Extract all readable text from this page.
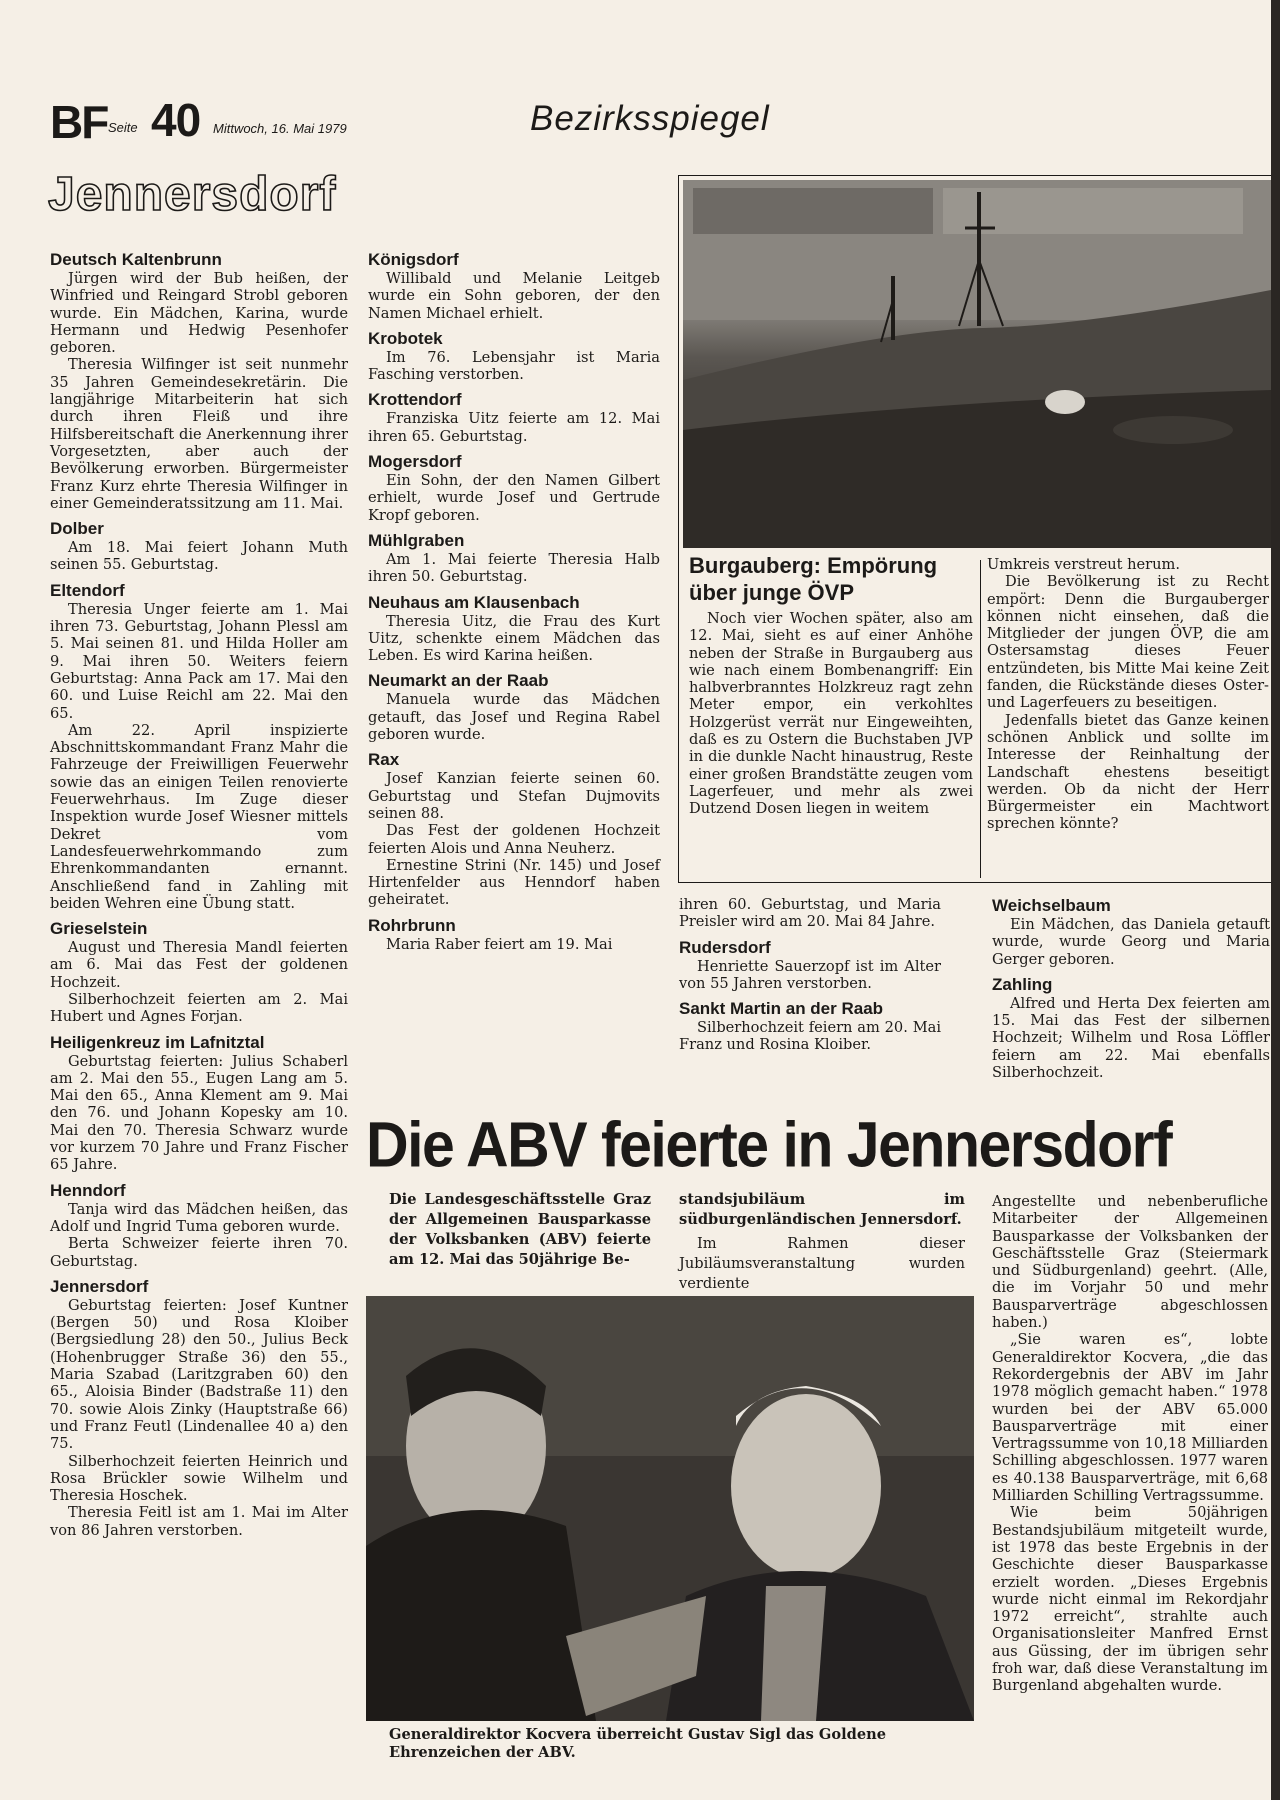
BF Seite 40 Mittwoch, 16. Mai 1979	Bezirksspiegel
Jennersdorf
Deutsch Kaltenbrunn

Jürgen wird der Bub heißen, der Winfried und Reingard Strobl geboren wurde. Ein Mädchen, Karina, wurde Hermann und Hedwig Pesenhofer geboren.

Theresia Wilfinger ist seit nunmehr 35 Jahren Gemeindesekretärin. Die langjährige Mitarbeiterin hat sich durch ihren Fleiß und ihre Hilfsbereitschaft die Anerkennung ihrer Vorgesetzten, aber auch der Bevölkerung erworben. Bürgermeister Franz Kurz ehrte Theresia Wilfinger in einer Gemeinderatssitzung am 11. Mai.

Dolber

Am 18. Mai feiert Johann Muth seinen 55. Geburtstag.

Eltendorf

Theresia Unger feierte am 1. Mai ihren 73. Geburtstag, Johann Plessl am 5. Mai seinen 81. und Hilda Holler am 9. Mai ihren 50. Weiters feiern Geburtstag: Anna Pack am 17. Mai den 60. und Luise Reichl am 22. Mai den 65.

Am 22. April inspizierte Abschnittskommandant Franz Mahr die Fahrzeuge der Freiwilligen Feuerwehr sowie das an einigen Teilen renovierte Feuerwehrhaus. Im Zuge dieser Inspektion wurde Josef Wiesner mittels Dekret vom Landesfeuerwehrkommando zum Ehrenkommandanten ernannt. Anschließend fand in Zahling mit beiden Wehren eine Übung statt.

Grieselstein

August und Theresia Mandl feierten am 6. Mai das Fest der goldenen Hochzeit.

Silberhochzeit feierten am 2. Mai Hubert und Agnes Forjan.

Heiligenkreuz im Lafnitztal

Geburtstag feierten: Julius Schaberl am 2. Mai den 55., Eugen Lang am 5. Mai den 65., Anna Klement am 9. Mai den 76. und Johann Kopesky am 10. Mai den 70. Theresia Schwarz wurde vor kurzem 70 Jahre und Franz Fischer 65 Jahre.

Henndorf

Tanja wird das Mädchen heißen, das Adolf und Ingrid Tuma geboren wurde.

Berta Schweizer feierte ihren 70. Geburtstag.

Jennersdorf

Geburtstag feierten: Josef Kuntner (Bergen 50) und Rosa Kloiber (Bergsiedlung 28) den 50., Julius Beck (Hohenbrugger Straße 36) den 55., Maria Szabad (Laritzgraben 60) den 65., Aloisia Binder (Badstraße 11) den 70. sowie Alois Zinky (Hauptstraße 66) und Franz Feutl (Lindenallee 40 a) den 75.

Silberhochzeit feierten Heinrich und Rosa Brückler sowie Wilhelm und Theresia Hoschek.

Theresia Feitl ist am 1. Mai im Alter von 86 Jahren verstorben.

Königsdorf

Willibald und Melanie Leitgeb wurde ein Sohn geboren, der den Namen Michael erhielt.

Krobotek

Im 76. Lebensjahr ist Maria Fasching verstorben.

Krottendorf

Franziska Uitz feierte am 12. Mai ihren 65. Geburtstag.

Mogersdorf

Ein Sohn, der den Namen Gilbert erhielt, wurde Josef und Gertrude Kropf geboren.

Mühlgraben

Am 1. Mai feierte Theresia Halb ihren 50. Geburtstag.

Neuhaus am Klausenbach

Theresia Uitz, die Frau des Kurt Uitz, schenkte einem Mädchen das Leben. Es wird Karina heißen.

Neumarkt an der Raab

Manuela wurde das Mädchen getauft, das Josef und Regina Rabel geboren wurde.

Rax

Josef Kanzian feierte seinen 60. Geburtstag und Stefan Dujmovits seinen 88.

Das Fest der goldenen Hochzeit feierten Alois und Anna Neuherz.

Ernestine Strini (Nr. 145) und Josef Hirtenfelder aus Henndorf haben geheiratet.

Rohrbrunn

Maria Raber feiert am 19. Mai

Burgauberg: Empörung über junge ÖVP

Noch vier Wochen später, also am 12. Mai, sieht es auf einer Anhöhe neben der Straße in Burgauberg aus wie nach einem Bombenangriff: Ein halbverbranntes Holzkreuz ragt zehn Meter empor, ein verkohltes Holzgerüst verrät nur Eingeweihten, daß es zu Ostern die Buchstaben JVP in die dunkle Nacht hinaustrug, Reste einer großen Brandstätte zeugen vom Lagerfeuer, und mehr als zwei Dutzend Dosen liegen in weitem

Umkreis verstreut herum.

Die Bevölkerung ist zu Recht empört: Denn die Burgauberger können nicht einsehen, daß die Mitglieder der jungen ÖVP, die am Ostersamstag dieses Feuer entzündeten, bis Mitte Mai keine Zeit fanden, die Rückstände dieses Oster- und Lagerfeuers zu beseitigen.

Jedenfalls bietet das Ganze keinen schönen Anblick und sollte im Interesse der Reinhaltung der Landschaft ehestens beseitigt werden. Ob da nicht der Herr Bürgermeister ein Machtwort sprechen könnte?

ihren 60. Geburtstag, und Maria Preisler wird am 20. Mai 84 Jahre.

Rudersdorf

Henriette Sauerzopf ist im Alter von 55 Jahren verstorben.

Sankt Martin an der Raab

Silberhochzeit feiern am 20. Mai Franz und Rosina Kloiber.

Weichselbaum

Ein Mädchen, das Daniela getauft wurde, wurde Georg und Maria Gerger geboren.

Zahling

Alfred und Herta Dex feierten am 15. Mai das Fest der silbernen Hochzeit; Wilhelm und Rosa Löffler feiern am 22. Mai ebenfalls Silberhochzeit.

Die ABV feierte in Jennersdorf
Die Landesgeschäftsstelle Graz der Allgemeinen Bausparkasse der Volksbanken (ABV) feierte am 12. Mai das 50jährige Be-
standsjubiläum im südburgenländischen Jennersdorf.

Im Rahmen dieser Jubiläumsveranstaltung wurden verdiente

Angestellte und nebenberufliche Mitarbeiter der Allgemeinen Bausparkasse der Volksbanken der Geschäftsstelle Graz (Steiermark und Südburgenland) geehrt. (Alle, die im Vorjahr 50 und mehr Bausparverträge abgeschlossen haben.)

„Sie waren es“, lobte Generaldirektor Kocvera, „die das Rekordergebnis der ABV im Jahr 1978 möglich gemacht haben.“ 1978 wurden bei der ABV 65.000 Bausparverträge mit einer Vertragssumme von 10,18 Milliarden Schilling abgeschlossen. 1977 waren es 40.138 Bausparverträge, mit 6,68 Milliarden Schilling Vertragssumme.

Wie beim 50jährigen Bestandsjubiläum mitgeteilt wurde, ist 1978 das beste Ergebnis in der Geschichte dieser Bausparkasse erzielt worden. „Dieses Ergebnis wurde nicht einmal im Rekordjahr 1972 erreicht“, strahlte auch Organisationsleiter Manfred Ernst aus Güssing, der im übrigen sehr froh war, daß diese Veranstaltung im Burgenland abgehalten wurde.

Generaldirektor Kocvera überreicht Gustav Sigl das Goldene Ehrenzeichen der ABV.
